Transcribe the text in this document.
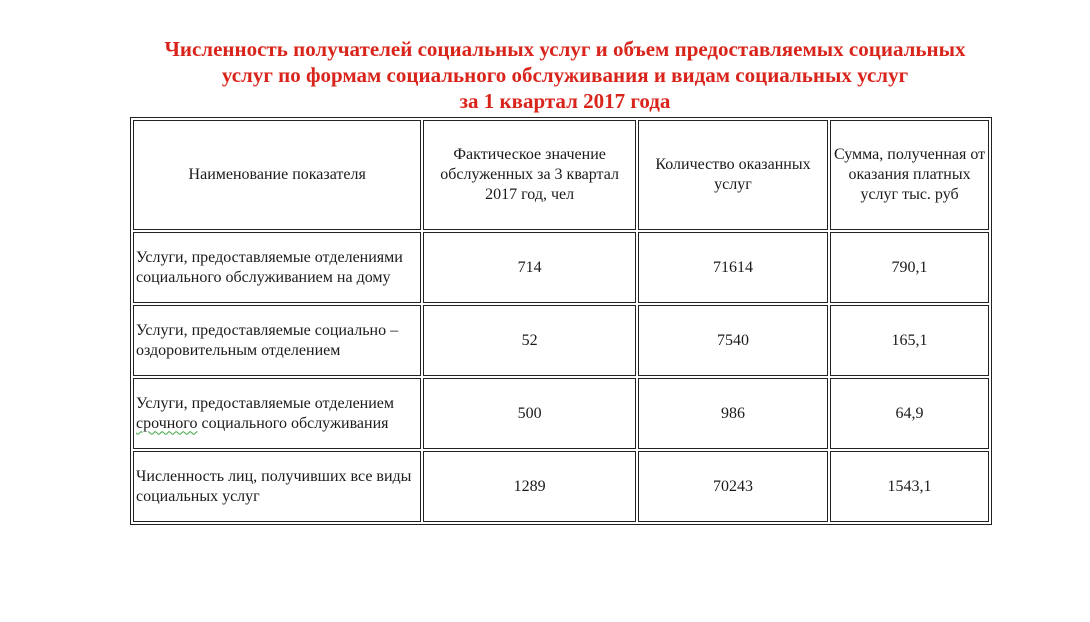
Численность получателей социальных услуг и объем предоставляемых социальных
услуг по формам социального обслуживания и видам социальных услуг
за 1 квартал 2017 года
Наименование показателя	Фактическое значение обслуженных за 3 квартал 2017 год, чел	Количество оказанных услуг	Сумма, полученная от оказания платных услуг тыс. руб
Услуги, предоставляемые отделениями социального обслуживанием на дому	714	71614	790,1
Услуги, предоставляемые социально –оздоровительным отделением	52	7540	165,1
Услуги, предоставляемые отделением срочного социального обслуживания	500	986	64,9
Численность лиц, получивших все виды социальных услуг	1289	70243	1543,1
